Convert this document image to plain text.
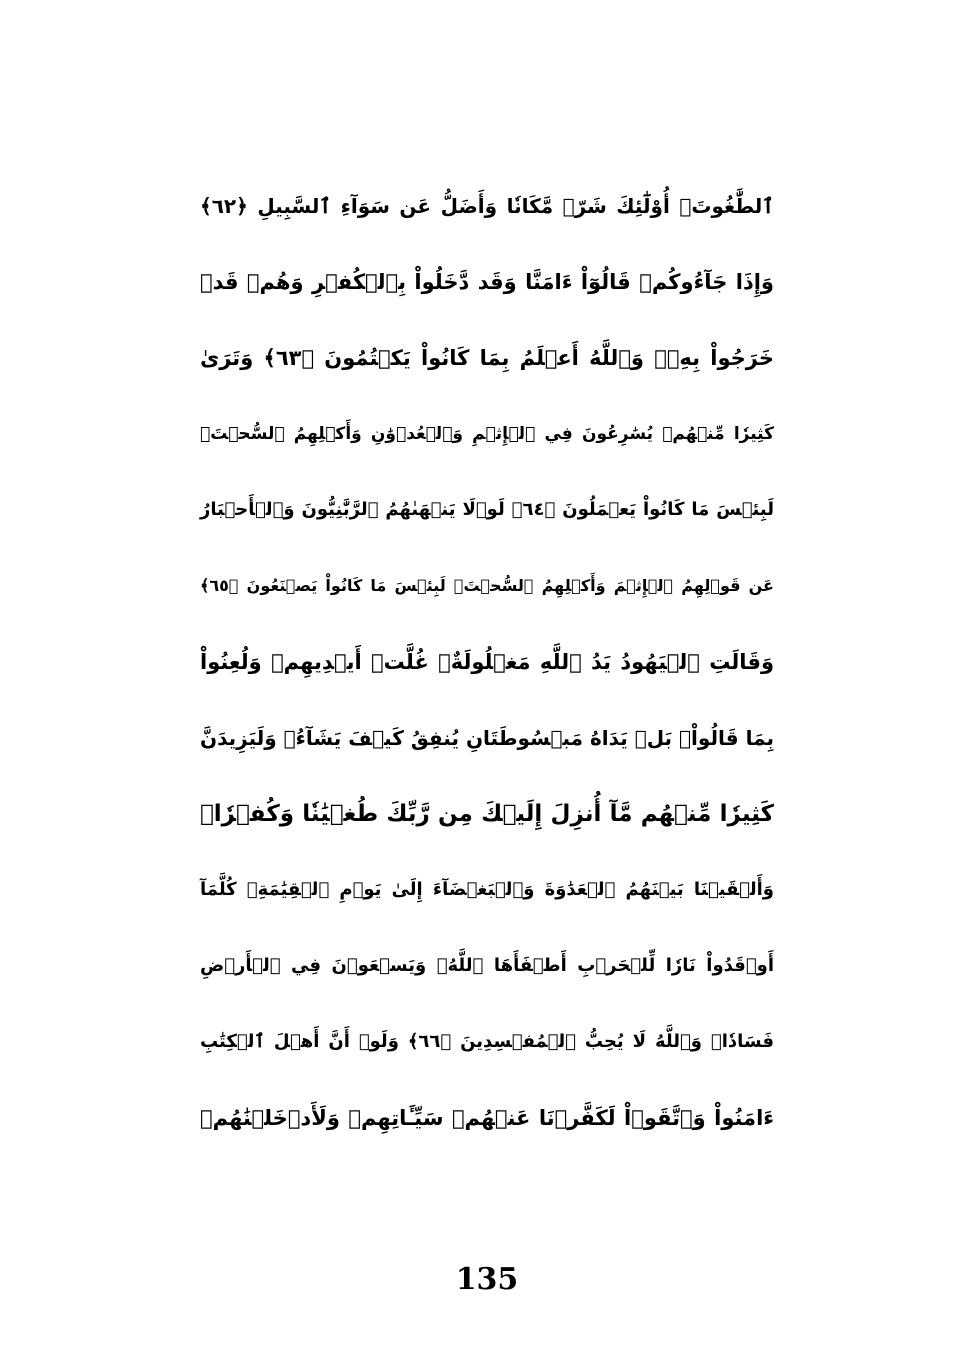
ٱلطَّٰغُوتَۚ أُوْلَٰٓئِكَ شَرّٞ مَّكَانٗا وَأَضَلُّ عَن سَوَآءِ ٱلسَّبِيلِ ﴿٦٢﴾
وَإِذَا جَآءُوكُمۡ قَالُوٓاْ ءَامَنَّا وَقَد دَّخَلُواْ بِٱلۡكُفۡرِ وَهُمۡ قَدۡ
خَرَجُواْ بِهِۦۚ وَٱللَّهُ أَعۡلَمُ بِمَا كَانُواْ يَكۡتُمُونَ ﴿٦٣﴾ وَتَرَىٰ
كَثِيرٗا مِّنۡهُمۡ يُسَٰرِعُونَ فِي ٱلۡإِثۡمِ وَٱلۡعُدۡوَٰنِ وَأَكۡلِهِمُ ٱلسُّحۡتَۚ
لَبِئۡسَ مَا كَانُواْ يَعۡمَلُونَ ﴿٦٤﴾ لَوۡلَا يَنۡهَىٰهُمُ ٱلرَّبَّٰنِيُّونَ وَٱلۡأَحۡبَارُ
عَن قَوۡلِهِمُ ٱلۡإِثۡمَ وَأَكۡلِهِمُ ٱلسُّحۡتَۚ لَبِئۡسَ مَا كَانُواْ يَصۡنَعُونَ ﴿٦٥﴾
وَقَالَتِ ٱلۡيَهُودُ يَدُ ٱللَّهِ مَغۡلُولَةٌۚ غُلَّتۡ أَيۡدِيهِمۡ وَلُعِنُواْ
بِمَا قَالُواْۘ بَلۡ يَدَاهُ مَبۡسُوطَتَانِ يُنفِقُ كَيۡفَ يَشَآءُۚ وَلَيَزِيدَنَّ
كَثِيرٗا مِّنۡهُم مَّآ أُنزِلَ إِلَيۡكَ مِن رَّبِّكَ طُغۡيَٰنٗا وَكُفۡرٗاۚ
وَأَلۡقَيۡنَا بَيۡنَهُمُ ٱلۡعَدَٰوَةَ وَٱلۡبَغۡضَآءَ إِلَىٰ يَوۡمِ ٱلۡقِيَٰمَةِۚ كُلَّمَآ
أَوۡقَدُواْ نَارٗا لِّلۡحَرۡبِ أَطۡفَأَهَا ٱللَّهُۚ وَيَسۡعَوۡنَ فِي ٱلۡأَرۡضِ
فَسَادٗاۚ وَٱللَّهُ لَا يُحِبُّ ٱلۡمُفۡسِدِينَ ﴿٦٦﴾ وَلَوۡ أَنَّ أَهۡلَ ٱلۡكِتَٰبِ
ءَامَنُواْ وَٱتَّقَوۡاْ لَكَفَّرۡنَا عَنۡهُمۡ سَيِّـَٔاتِهِمۡ وَلَأَدۡخَلۡنَٰهُمۡ
135
